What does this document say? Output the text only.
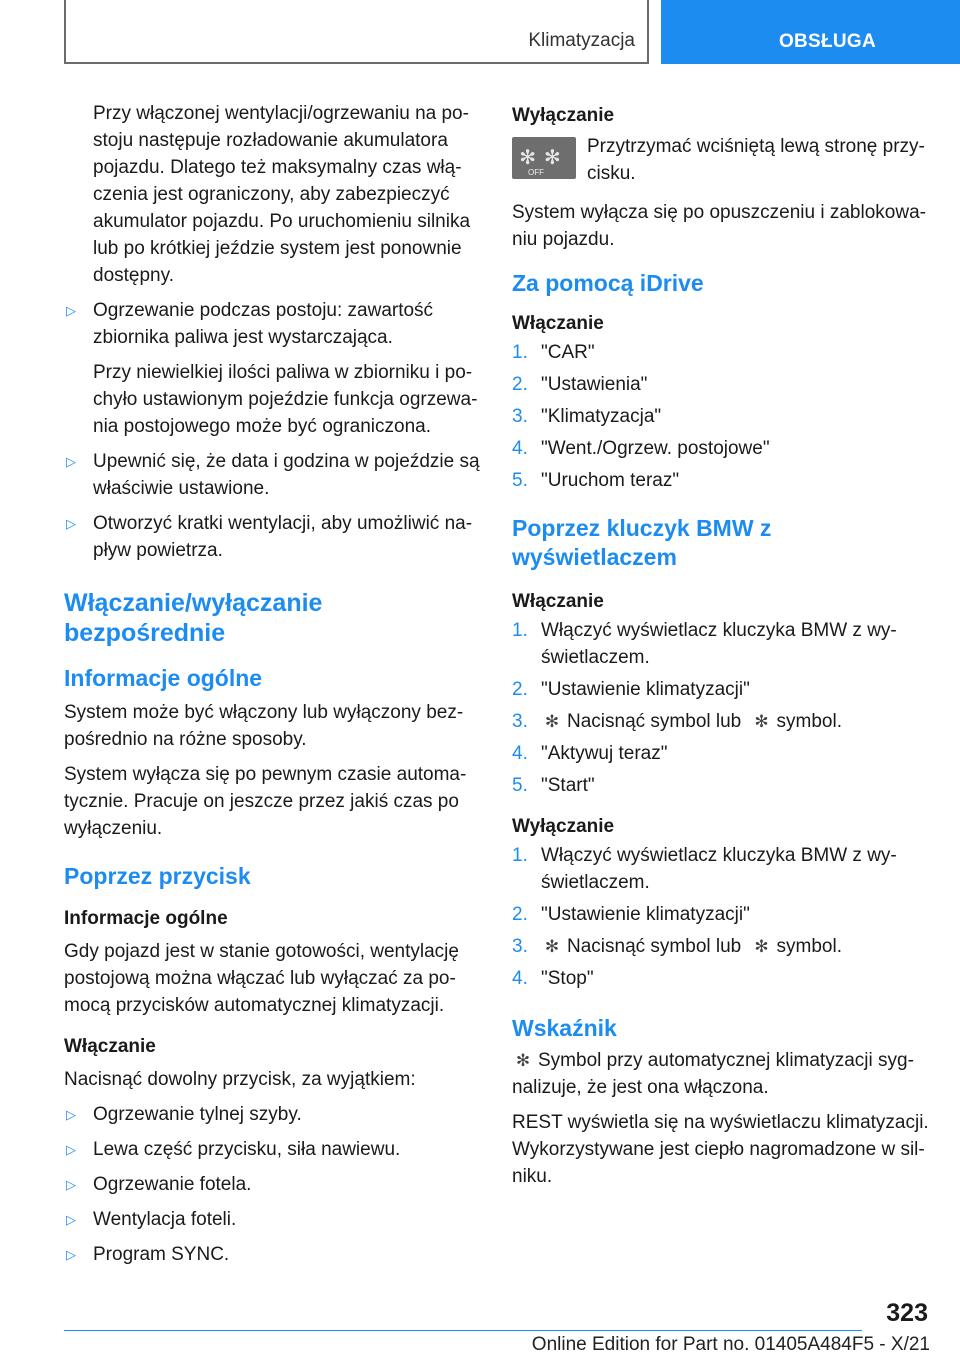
Klimatyzacja	OBSŁUGA

Przy włączonej wentylacji/ogrzewaniu na po-stoju następuje rozładowanie akumulatora pojazdu. Dlatego też maksymalny czas włą-czenia jest ograniczony, aby zabezpieczyć akumulator pojazdu. Po uruchomieniu silnika lub po krótkiej jeździe system jest ponownie dostępny.

▷ Ogrzewanie podczas postoju: zawartość zbiornika paliwa jest wystarczająca.

Przy niewielkiej ilości paliwa w zbiorniku i po-chyło ustawionym pojeździe funkcja ogrzewa-nia postojowego może być ograniczona.

▷ Upewnić się, że data i godzina w pojeździe są właściwie ustawione.
▷ Otworzyć kratki wentylacji, aby umożliwić na-pływ powietrza.
Włączanie/wyłączanie bezpośrednie
Informacje ogólne

System może być włączony lub wyłączony bez-pośrednio na różne sposoby.

System wyłącza się po pewnym czasie automa-tycznie. Pracuje on jeszcze przez jakiś czas po wyłączeniu.

Poprzez przycisk
Informacje ogólne

Gdy pojazd jest w stanie gotowości, wentylację postojową można włączać lub wyłączać za po-mocą przycisków automatycznej klimatyzacji.

Włączanie

Nacisnąć dowolny przycisk, za wyjątkiem:

▷ Ogrzewanie tylnej szyby.
▷ Lewa część przycisku, siła nawiewu.
▷ Ogrzewanie fotela.
▷ Wentylacja foteli.
▷ Program SYNC.
Wyłączanie
✻✻
OFF
Przytrzymać wciśniętą lewą stronę przy-cisku.

System wyłącza się po opuszczeniu i zablokowa-niu pojazdu.

Za pomocą iDrive
Włączanie
1. "CAR"
2. "Ustawienia"
3. "Klimatyzacja"
4. "Went./Ogrzew. postojowe"
5. "Uruchom teraz"
Poprzez kluczyk BMW z wyświetlaczem
Włączanie
1. Włączyć wyświetlacz kluczyka BMW z wy-świetlaczem.
2. "Ustawienie klimatyzacji"
3. ✻ Nacisnąć symbol lub ✻ symbol.
4. "Aktywuj teraz"
5. "Start"
Wyłączanie
1. Włączyć wyświetlacz kluczyka BMW z wy-świetlaczem.
2. "Ustawienie klimatyzacji"
3. ✻ Nacisnąć symbol lub ✻ symbol.
4. "Stop"
Wskaźnik

✻ Symbol przy automatycznej klimatyzacji syg-nalizuje, że jest ona włączona.

REST wyświetla się na wyświetlaczu klimatyzacji. Wykorzystywane jest ciepło nagromadzone w sil-niku.

323
Online Edition for Part no. 01405A484F5 - X/21
